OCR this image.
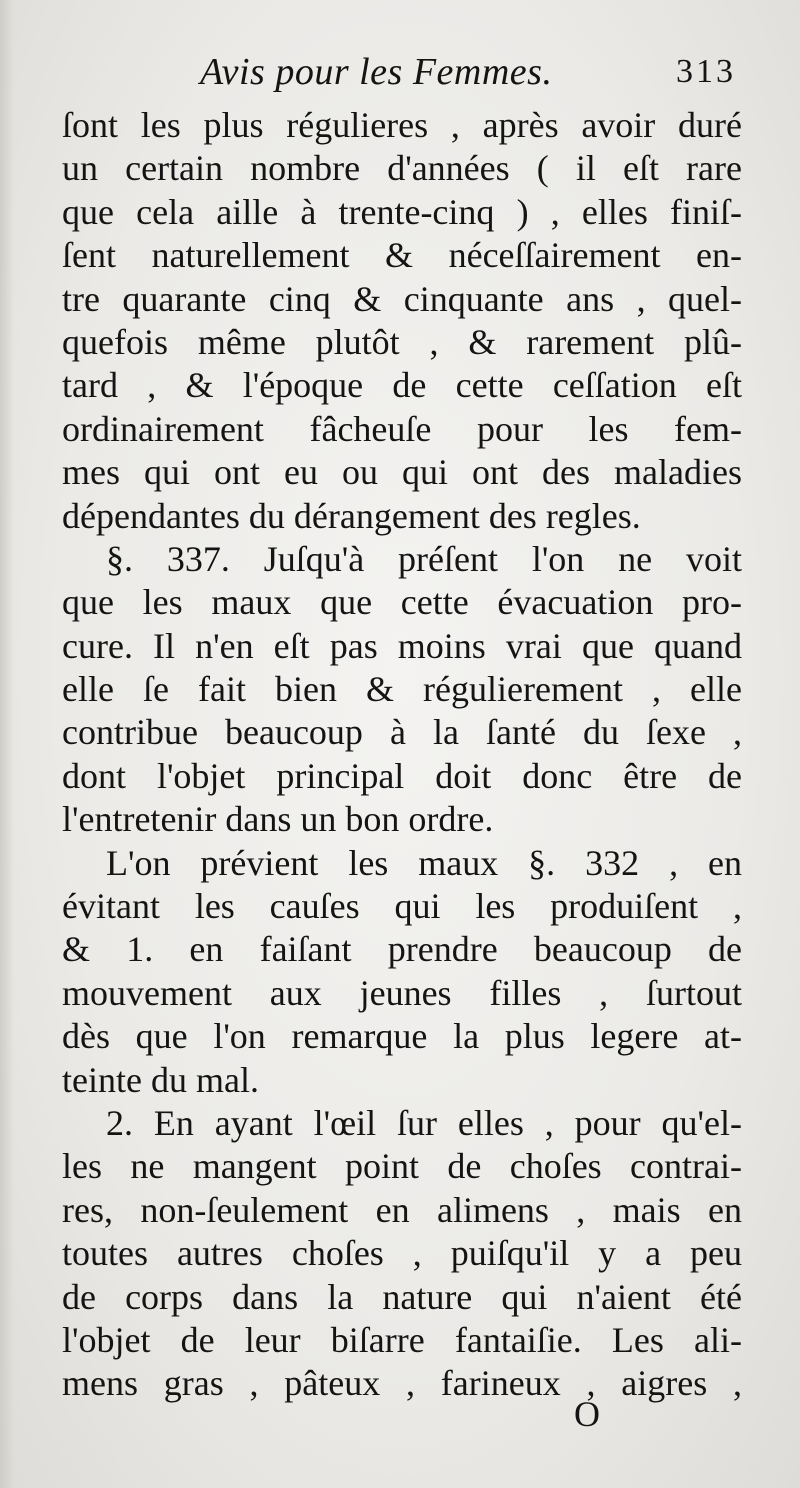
Avis pour les Femmes.	313
ſont les plus régulieres , après avoir duré
un certain nombre d'années ( il eſt rare
que cela aille à trente-cinq ) , elles finiſ-
ſent naturellement & néceſſairement en-
tre quarante cinq & cinquante ans , quel-
quefois même plutôt , & rarement plû-
tard , & l'époque de cette ceſſation eſt
ordinairement fâcheuſe pour les fem-
mes qui ont eu ou qui ont des maladies
dépendantes du dérangement des regles.
§. 337. Juſqu'à préſent l'on ne voit
que les maux que cette évacuation pro-
cure. Il n'en eſt pas moins vrai que quand
elle ſe fait bien & régulierement , elle
contribue beaucoup à la ſanté du ſexe ,
dont l'objet principal doit donc être de
l'entretenir dans un bon ordre.
L'on prévient les maux §. 332 , en
évitant les cauſes qui les produiſent ,
& 1. en faiſant prendre beaucoup de
mouvement aux jeunes filles , ſurtout
dès que l'on remarque la plus legere at-
teinte du mal.
2. En ayant l'œil ſur elles , pour qu'el-
les ne mangent point de choſes contrai-
res, non-ſeulement en alimens , mais en
toutes autres choſes , puiſqu'il y a peu
de corps dans la nature qui n'aient été
l'objet de leur biſarre fantaiſie. Les ali-
mens gras , pâteux , farineux , aigres ,
O
